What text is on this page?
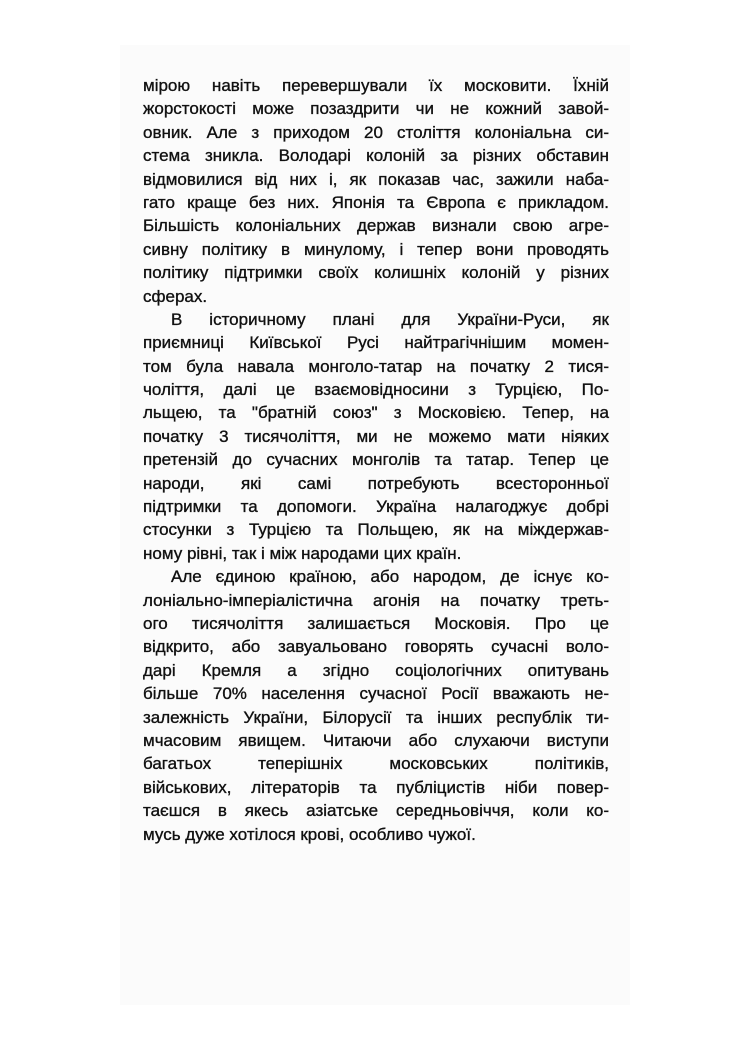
мірою навіть перевершували їх московити. Їхній
жорстокості може позаздрити чи не кожний завой-
овник. Але з приходом 20 століття колоніальна си-
стема зникла. Володарі колоній за різних обставин
відмовилися від них і, як показав час, зажили наба-
гато краще без них. Японія та Європа є прикладом.
Більшість колоніальних держав визнали свою агре-
сивну політику в минулому, і тепер вони проводять
політику підтримки своїх колишніх колоній у різних
сферах.
В історичному плані для України-Руси, як
приємниці Київської Русі найтрагічнішим момен-
том була навала монголо-татар на початку 2 тися-
чоліття, далі це взаємовідносини з Турцією, По-
льщею, та "братній союз" з Московією. Тепер, на
початку 3 тисячоліття, ми не можемо мати ніяких
претензій до сучасних монголів та татар. Тепер це
народи, які самі потребують всесторонньої
підтримки та допомоги. Україна налагоджує добрі
стосунки з Турцією та Польщею, як на міждержав-
ному рівні, так і між народами цих країн.
Але єдиною країною, або народом, де існує ко-
лоніально-імперіалістична агонія на початку треть-
ого тисячоліття залишається Московія. Про це
відкрито, або завуальовано говорять сучасні воло-
дарі Кремля а згідно соціологічних опитувань
більше 70% населення сучасної Росії вважають не-
залежність України, Білорусії та інших республік ти-
мчасовим явищем. Читаючи або слухаючи виступи
багатьох теперішніх московських політиків,
військових, літераторів та публіцистів ніби повер-
таєшся в якесь азіатське середньовіччя, коли ко-
мусь дуже хотілося крові, особливо чужої.
